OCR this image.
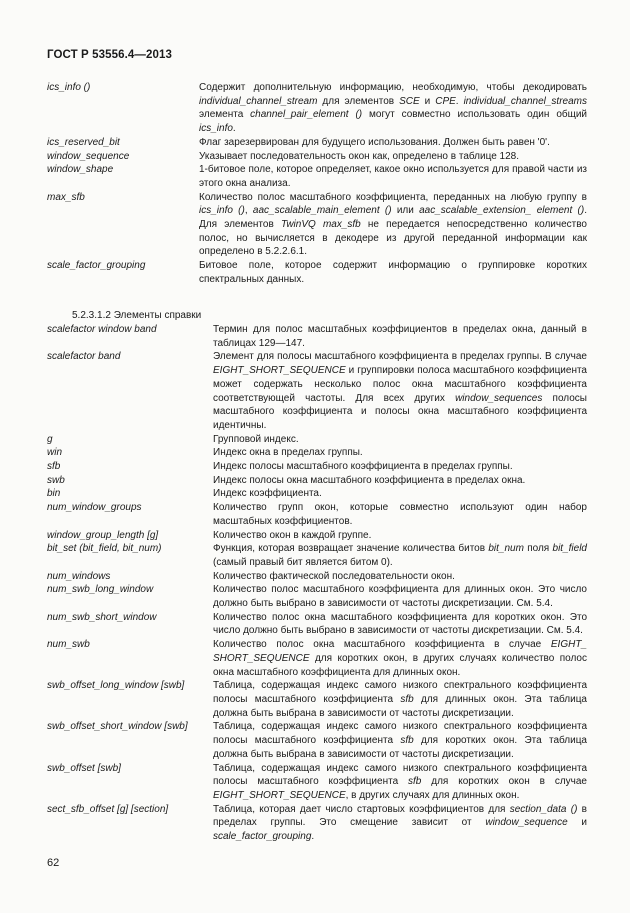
ГОСТ Р 53556.4—2013
ics_info ()	Содержит дополнительную информацию, необходимую, чтобы декодировать individual_channel_stream для элементов SCE и CPE. individual_channel_streams элемента channel_pair_element () могут совместно использовать один общий ics_info.
ics_reserved_bit	Флаг зарезервирован для будущего использования. Должен быть равен '0'.
window_sequence	Указывает последовательность окон как, определено в таблице 128.
window_shape	1-битовое поле, которое определяет, какое окно используется для правой части из этого окна анализа.
max_sfb	Количество полос масштабного коэффициента, переданных на любую группу в ics_info (), aac_scalable_main_element () или aac_scalable_extension_ element (). Для элементов TwinVQ max_sfb не передается непосредственно количество полос, но вычисляется в декодере из другой переданной информации как определено в 5.2.2.6.1.
scale_factor_grouping	Битовое поле, которое содержит информацию о группировке коротких спектральных данных.
5.2.3.1.2 Элементы справки
scalefactor window band	Термин для полос масштабных коэффициентов в пределах окна, данный в таблицах 129—147.
scalefactor band	Элемент для полосы масштабного коэффициента в пределах группы. В случае EIGHT_SHORT_SEQUENCE и группировки полоса масштабного коэффициента может содержать несколько полос окна масштабного коэффициента соответствующей частоты. Для всех других window_sequences полосы масштабного коэффициента и полосы окна масштабного коэффициента идентичны.
g	Групповой индекс.
win	Индекс окна в пределах группы.
sfb	Индекс полосы масштабного коэффициента в пределах группы.
swb	Индекс полосы окна масштабного коэффициента в пределах окна.
bin	Индекс коэффициента.
num_window_groups	Количество групп окон, которые совместно используют один набор масштабных коэффициентов.
window_group_length [g]	Количество окон в каждой группе.
bit_set (bit_field, bit_num)	Функция, которая возвращает значение количества битов bit_num поля bit_field (самый правый бит является битом 0).
num_windows	Количество фактической последовательности окон.
num_swb_long_window	Количество полос масштабного коэффициента для длинных окон. Это число должно быть выбрано в зависимости от частоты дискретизации. См. 5.4.
num_swb_short_window	Количество полос окна масштабного коэффициента для коротких окон. Это число должно быть выбрано в зависимости от частоты дискретизации. См. 5.4.
num_swb	Количество полос окна масштабного коэффициента в случае EIGHT_ SHORT_SEQUENCE для коротких окон, в других случаях количество полос окна масштабного коэффициента для длинных окон.
swb_offset_long_window [swb]	Таблица, содержащая индекс самого низкого спектрального коэффициента полосы масштабного коэффициента sfb для длинных окон. Эта таблица должна быть выбрана в зависимости от частоты дискретизации.
swb_offset_short_window [swb]	Таблица, содержащая индекс самого низкого спектрального коэффициента полосы масштабного коэффициента sfb для коротких окон. Эта таблица должна быть выбрана в зависимости от частоты дискретизации.
swb_offset [swb]	Таблица, содержащая индекс самого низкого спектрального коэффициента полосы масштабного коэффициента sfb для коротких окон в случае EIGHT_SHORT_SEQUENCE, в других случаях для длинных окон.
sect_sfb_offset [g] [section]	Таблица, которая дает число стартовых коэффициентов для section_data () в пределах группы. Это смещение зависит от window_sequence и scale_factor_grouping.
62
